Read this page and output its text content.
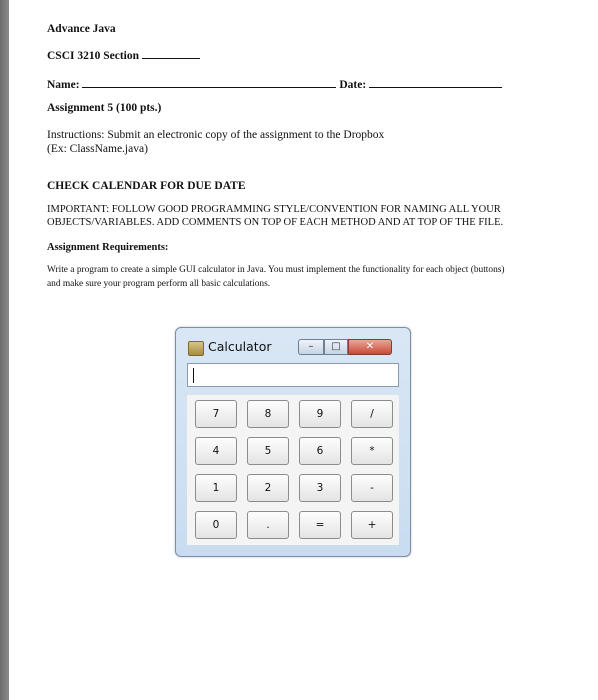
Advance Java
CSCI 3210 Section
Name:	Date:
Assignment 5 (100 pts.)
Instructions: Submit an electronic copy of the assignment to the Dropbox
(Ex: ClassName.java)
CHECK CALENDAR FOR DUE DATE
IMPORTANT: FOLLOW GOOD PROGRAMMING STYLE/CONVENTION FOR NAMING ALL YOUR
OBJECTS/VARIABLES. ADD COMMENTS ON TOP OF EACH METHOD AND AT TOP OF THE FILE.
Assignment Requirements:
Write a program to create a simple GUI calculator in Java. You must implement the functionality for each object (buttons)
and make sure your program perform all basic calculations.
Calculator	–	□	✕
7	8	9	/
4	5	6	*
1	2	3	-
0	.	=	+
